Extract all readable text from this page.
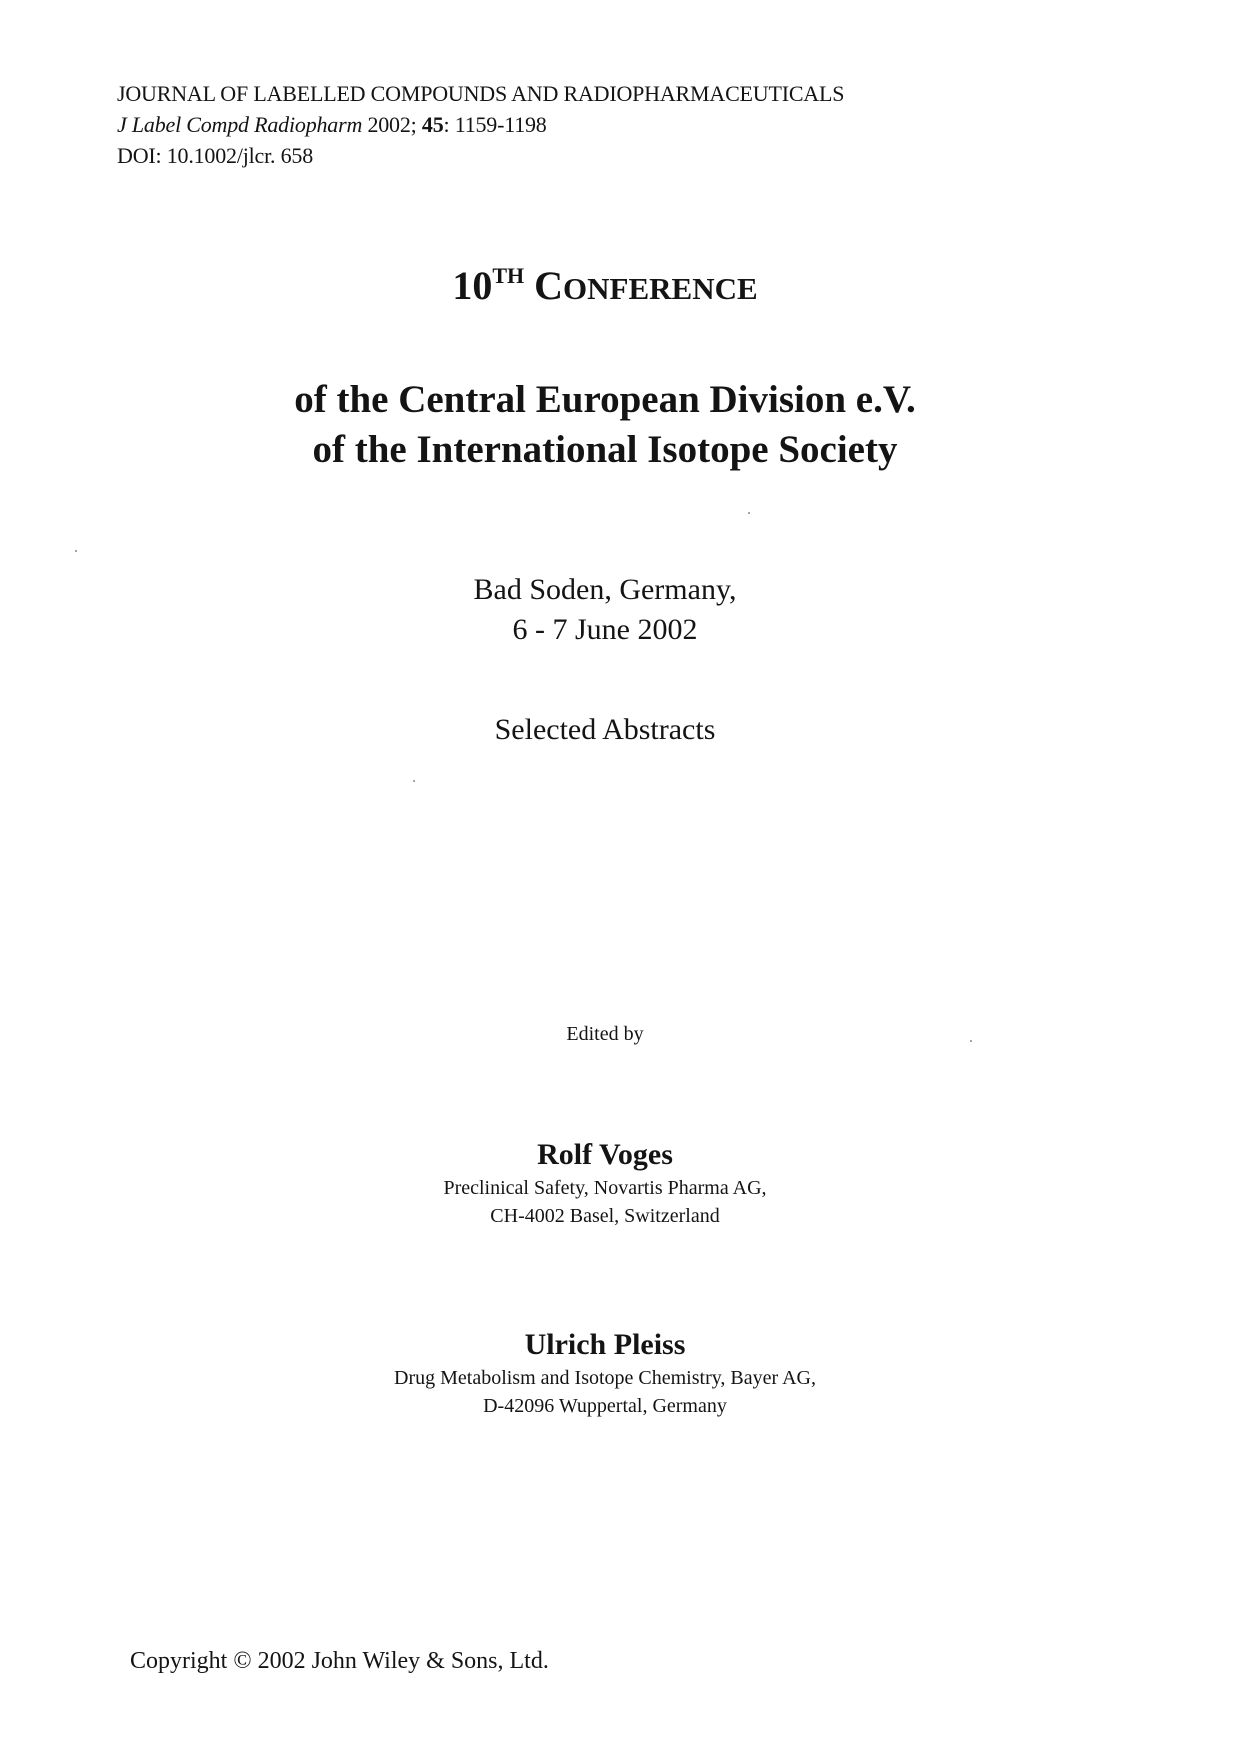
JOURNAL OF LABELLED COMPOUNDS AND RADIOPHARMACEUTICALS
J Label Compd Radiopharm 2002; 45: 1159-1198
DOI: 10.1002/jlcr. 658
10TH CONFERENCE
of the Central European Division e.V.
of the International Isotope Society
Bad Soden, Germany,
6 - 7 June 2002
Selected Abstracts
Edited by
Rolf Voges
Preclinical Safety, Novartis Pharma AG,
CH-4002 Basel, Switzerland
Ulrich Pleiss
Drug Metabolism and Isotope Chemistry, Bayer AG,
D-42096 Wuppertal, Germany
Copyright © 2002 John Wiley & Sons, Ltd.
